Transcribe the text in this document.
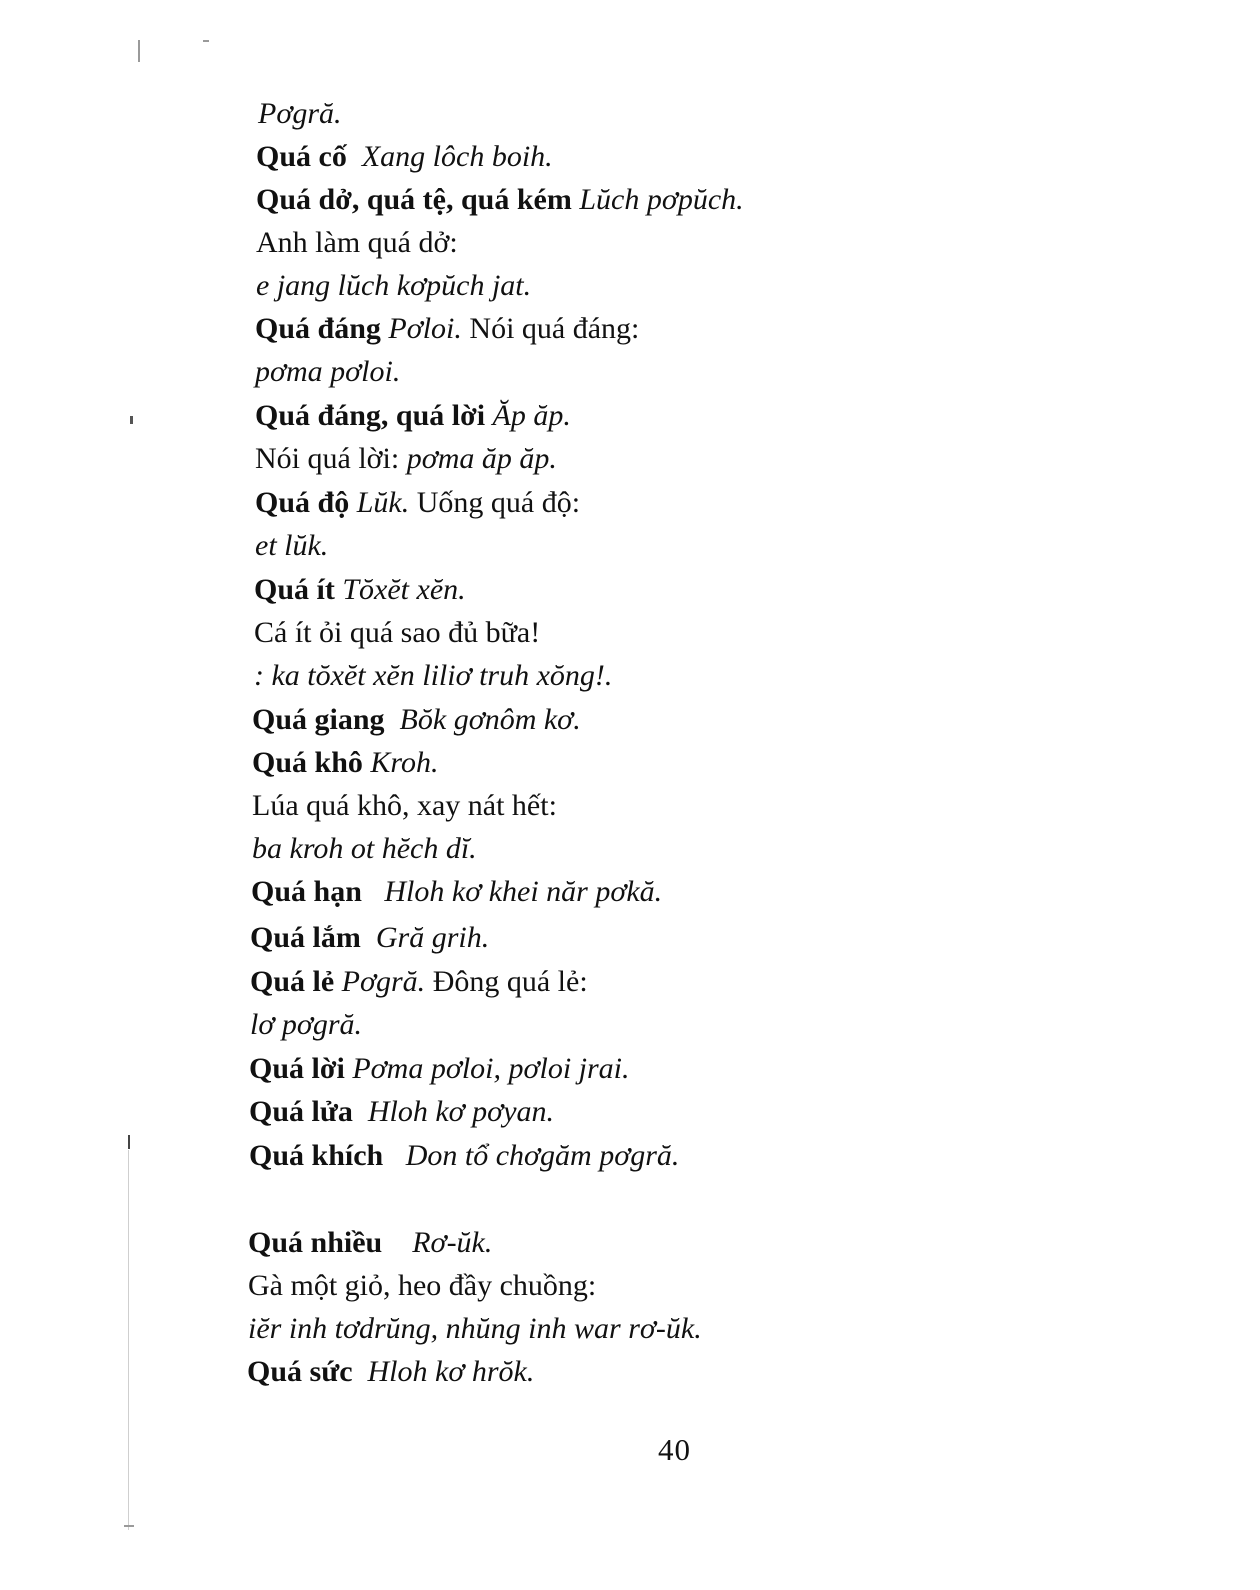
Pơgră.
Quá cố Xang lôch boih.
Quá dở, quá tệ, quá kém Lŭch pơpŭch.
Anh làm quá dở:
e jang lŭch kơpŭch jat.
Quá đáng Pơloi. Nói quá đáng:
pơma pơloi.
Quá đáng, quá lời Ăp ăp.
Nói quá lời: pơma ăp ăp.
Quá độ Lŭk. Uống quá độ:
et lŭk.
Quá ít Tŏxĕt xĕn.
Cá ít ỏi quá sao đủ bữa!
: ka tŏxĕt xĕn liliơ truh xŏng!.
Quá giang Bŏk gơnôm kơ.
Quá khô Kroh.
Lúa quá khô, xay nát hết:
ba kroh ot hĕch dĭ.
Quá hạn Hloh kơ khei năr pơkă.
Quá lắm Gră grih.
Quá lẻ Pơgră. Đông quá lẻ:
lơ pơgră.
Quá lời Pơma pơloi, pơloi jrai.
Quá lửa Hloh kơ pơyan.
Quá khích Don tổ chơgăm pơgră.
Quá nhiều Rơ-ŭk.
Gà một giỏ, heo đầy chuồng:
iĕr inh tơdrŭng, nhŭng inh war rơ-ŭk.
Quá sức Hloh kơ hrŏk.
40
